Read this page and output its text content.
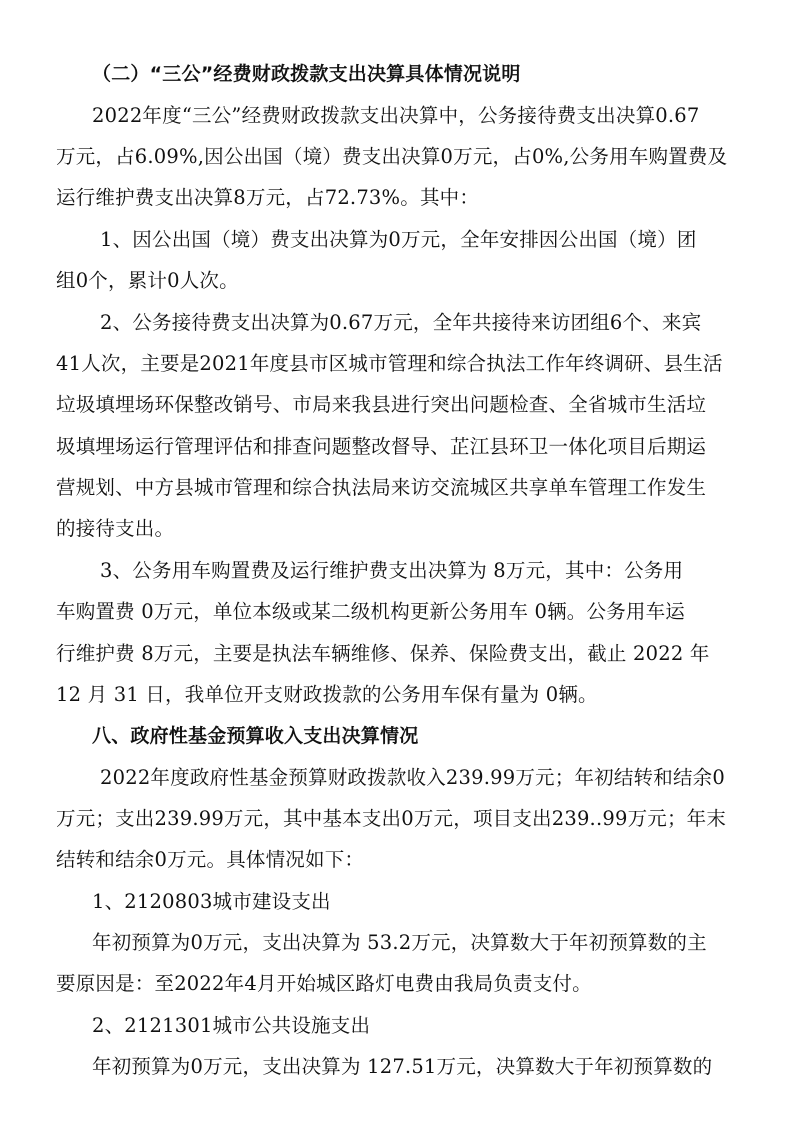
（二）“三公”经费财政拨款支出决算具体情况说明
2022年度“三公”经费财政拨款支出决算中，公务接待费支出决算0.67
万元，占6.09%,因公出国（境）费支出决算0万元，占0%,公务用车购置费及
运行维护费支出决算8万元，占72.73%。其中：
1、因公出国（境）费支出决算为0万元，全年安排因公出国（境）团
组0个，累计0人次。
2、公务接待费支出决算为0.67万元，全年共接待来访团组6个、来宾
41人次，主要是2021年度县市区城市管理和综合执法工作年终调研、县生活
垃圾填埋场环保整改销号、市局来我县进行突出问题检查、全省城市生活垃
圾填埋场运行管理评估和排查问题整改督导、芷江县环卫一体化项目后期运
营规划、中方县城市管理和综合执法局来访交流城区共享单车管理工作发生
的接待支出。
3、公务用车购置费及运行维护费支出决算为 8万元，其中：公务用
车购置费 0万元，单位本级或某二级机构更新公务用车 0辆。公务用车运
行维护费 8万元，主要是执法车辆维修、保养、保险费支出，截止 2022 年
12 月 31 日，我单位开支财政拨款的公务用车保有量为 0辆。
八、政府性基金预算收入支出决算情况
2022年度政府性基金预算财政拨款收入239.99万元；年初结转和结余0
万元；支出239.99万元，其中基本支出0万元，项目支出239..99万元；年末
结转和结余0万元。具体情况如下：
1、2120803城市建设支出
年初预算为0万元，支出决算为 53.2万元，决算数大于年初预算数的主
要原因是：至2022年4月开始城区路灯电费由我局负责支付。
2、2121301城市公共设施支出
年初预算为0万元，支出决算为 127.51万元，决算数大于年初预算数的
